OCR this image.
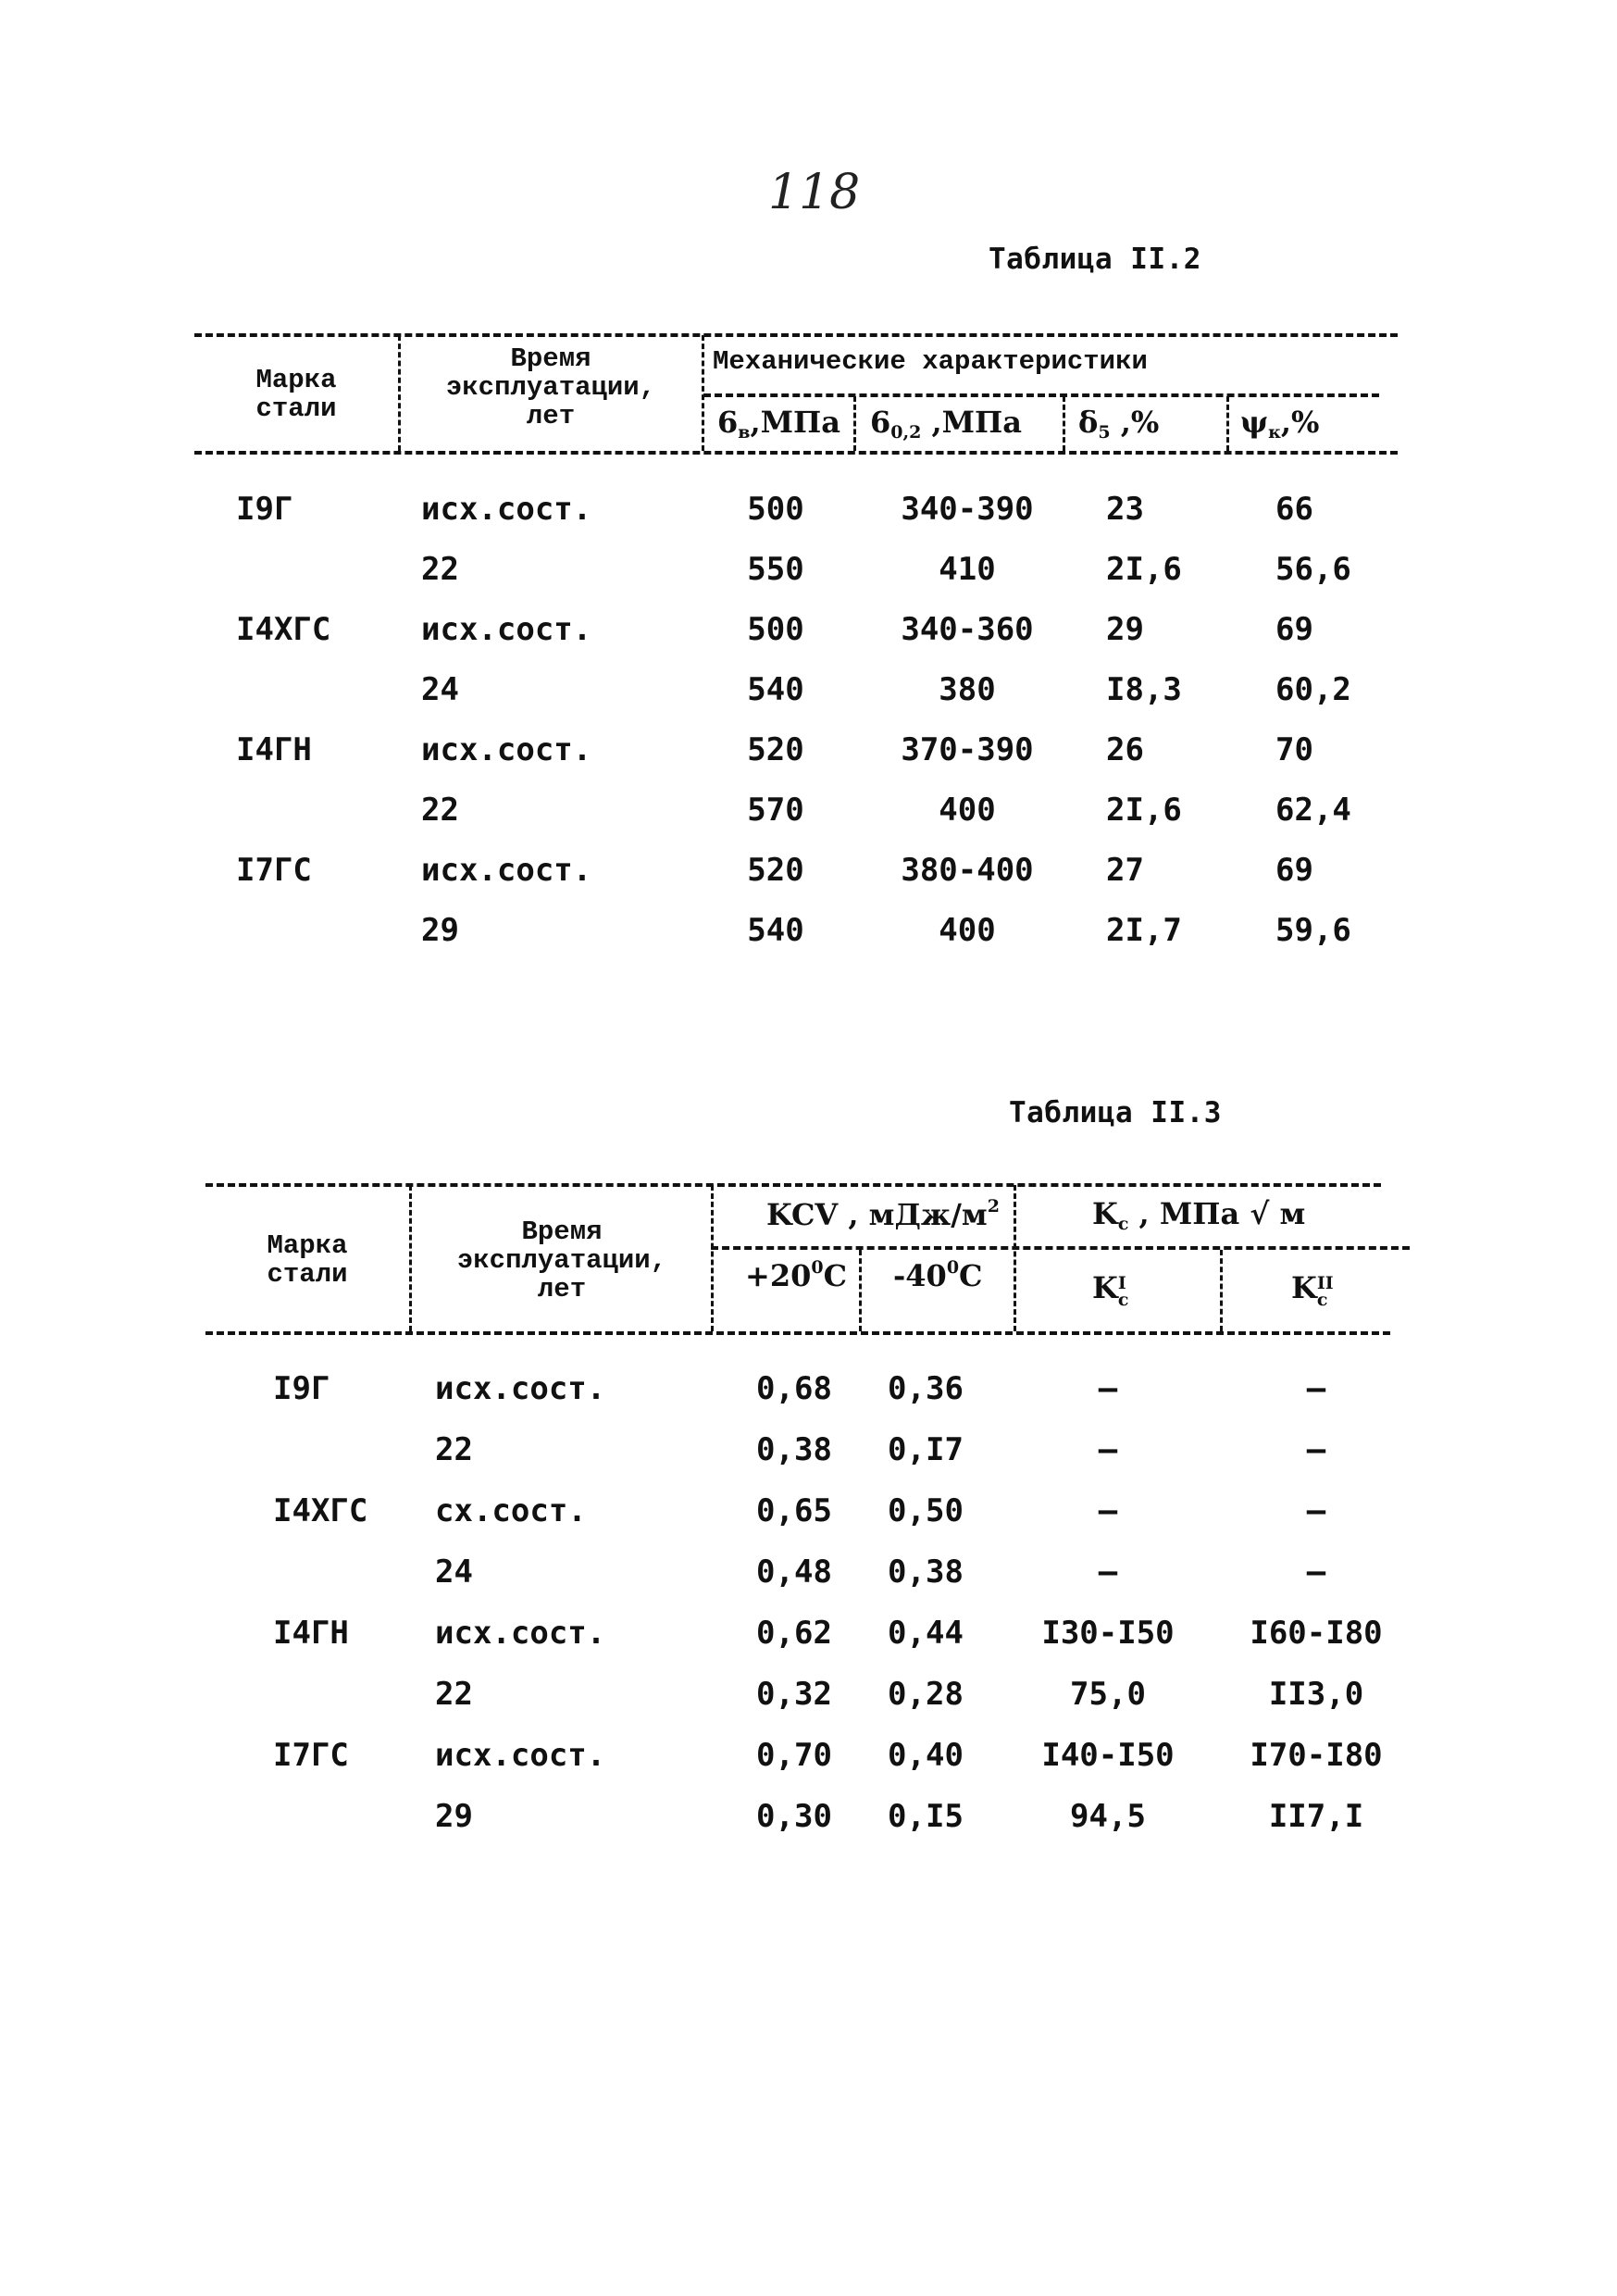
118
Таблица II.2
Марка
стали
Время
эксплуатации,
лет
Механические характеристики
$6_в,МПа$ $6_{0,2}$ ,МПа $\delta_5$ ,%	$\psi_к,\%$
I9Г	исх.сост.	500	340-390 23	66
22	550	410	2I,6	56,6
I4ХГС	исх.сост.	500	340-360 29	69
24	540	380	I8,3	60,2
I4ГН	исх.сост.	520	370-390 26	70
22	570	400	2I,6	62,4
I7ГС	исх.сост.	520	380-400 27	69
29	540	400	2I,7	59,6
Таблица II.3
Марка
стали
Время
эксплуатации,
лет
KCV , мДж/$м^2$
$+20^0С$ $-40^0С$
$K_c$ , МПа √ м
K I
c	K II
c
I9Г	исх.сост.	0,68 0,36	–	–
22	0,38 0,I7	–	–
I4ХГС сх.сост.	0,65 0,50	–	–
24	0,48 0,38	–	–
I4ГН	исх.сост.	0,62 0,44 I30-I50 I60-I80
22	0,32 0,28	75,0	II3,0
I7ГС	исх.сост.	0,70 0,40 I40-I50 I70-I80
29	0,30 0,I5	94,5	II7,I
